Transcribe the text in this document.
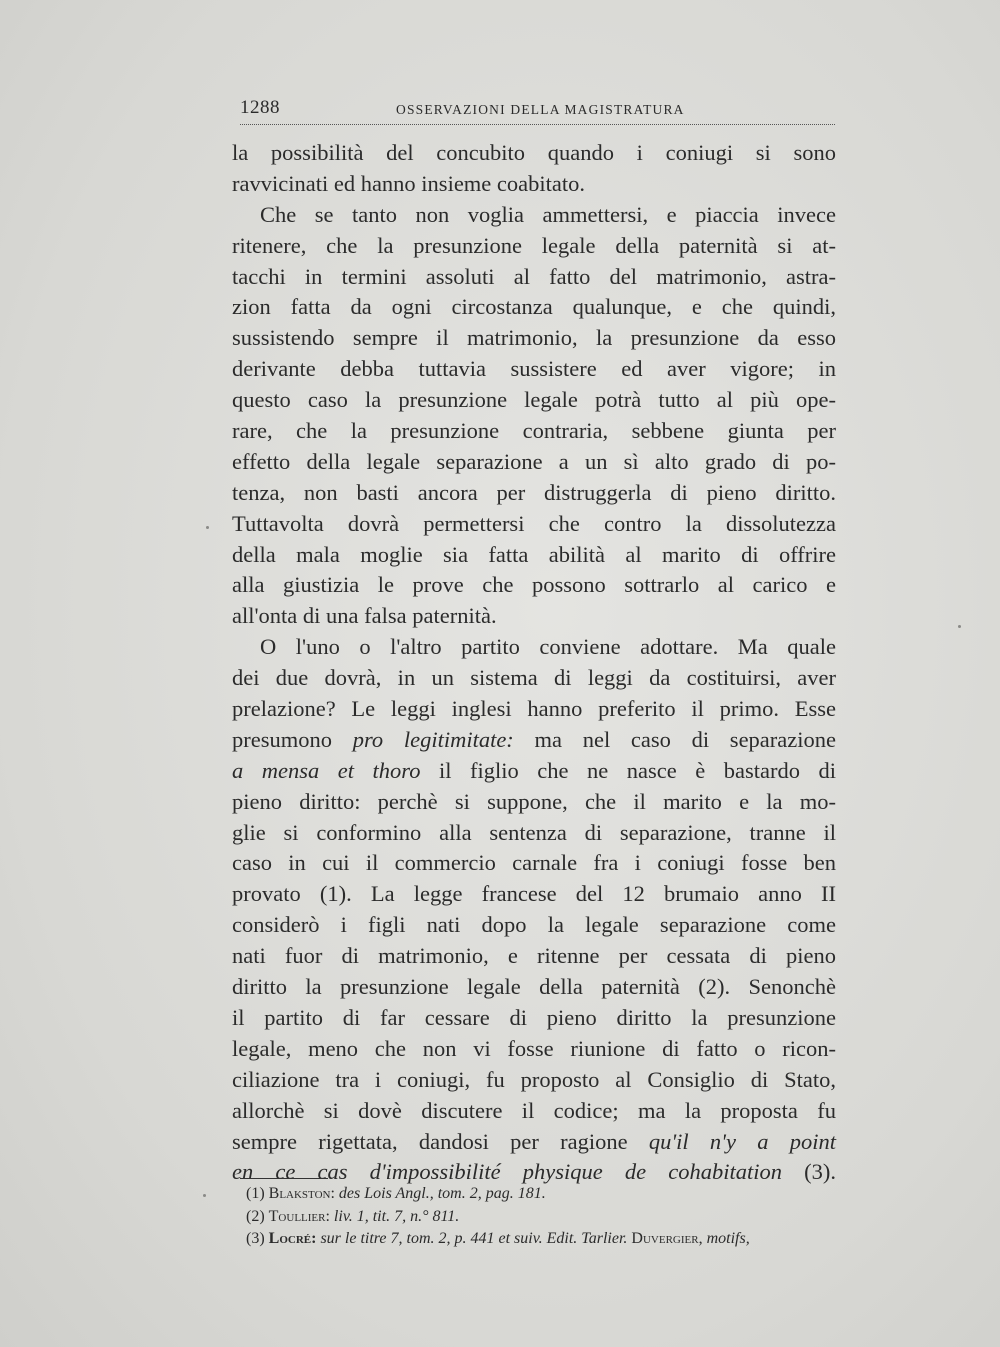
1288	OSSERVAZIONI DELLA MAGISTRATURA
la possibilità del concubito quando i coniugi si sono
ravvicinati ed hanno insieme coabitato.
Che se tanto non voglia ammettersi, e piaccia invece
ritenere, che la presunzione legale della paternità si at-
tacchi in termini assoluti al fatto del matrimonio, astra-
zion fatta da ogni circostanza qualunque, e che quindi,
sussistendo sempre il matrimonio, la presunzione da esso
derivante debba tuttavia sussistere ed aver vigore; in
questo caso la presunzione legale potrà tutto al più ope-
rare, che la presunzione contraria, sebbene giunta per
effetto della legale separazione a un sì alto grado di po-
tenza, non basti ancora per distruggerla di pieno diritto.
Tuttavolta dovrà permettersi che contro la dissolutezza
della mala moglie sia fatta abilità al marito di offrire
alla giustizia le prove che possono sottrarlo al carico e
all'onta di una falsa paternità.
O l'uno o l'altro partito conviene adottare. Ma quale
dei due dovrà, in un sistema di leggi da costituirsi, aver
prelazione? Le leggi inglesi hanno preferito il primo. Esse
presumono pro legitimitate: ma nel caso di separazione
a mensa et thoro il figlio che ne nasce è bastardo di
pieno diritto: perchè si suppone, che il marito e la mo-
glie si conformino alla sentenza di separazione, tranne il
caso in cui il commercio carnale fra i coniugi fosse ben
provato (1). La legge francese del 12 brumaio anno II
considerò i figli nati dopo la legale separazione come
nati fuor di matrimonio, e ritenne per cessata di pieno
diritto la presunzione legale della paternità (2). Senonchè
il partito di far cessare di pieno diritto la presunzione
legale, meno che non vi fosse riunione di fatto o ricon-
ciliazione tra i coniugi, fu proposto al Consiglio di Stato,
allorchè si dovè discutere il codice; ma la proposta fu
sempre rigettata, dandosi per ragione qu'il n'y a point
en ce cas d'impossibilité physique de cohabitation (3).
(1) Blakston: des Lois Angl., tom. 2, pag. 181.
(2) Toullier: liv. 1, tit. 7, n.° 811.
(3) Locré: sur le titre 7, tom. 2, p. 441 et suiv. Edit. Tarlier. Duvergier, motifs,
